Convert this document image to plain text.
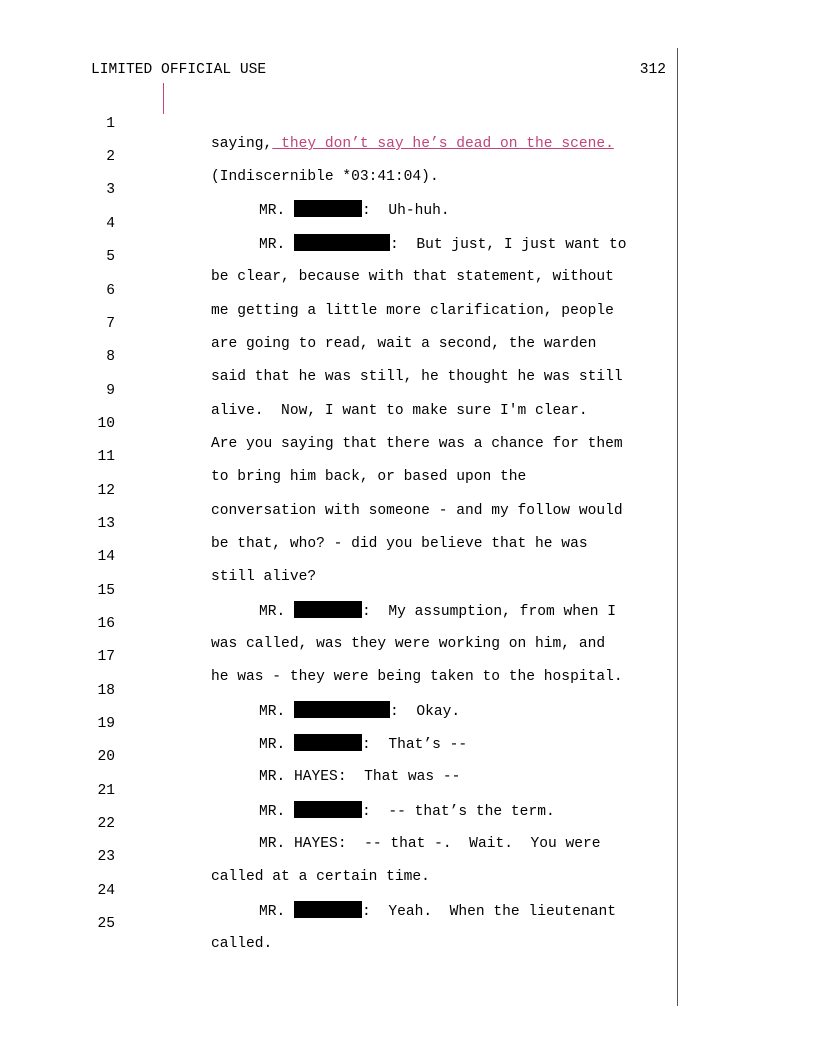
LIMITED OFFICIAL USE	312

1

saying, they don’t say he’s dead on the scene.

2

(Indiscernible *03:41:04).

3

MR.	:  Uh-huh.

4

MR.	:  But just, I just want to

5

be clear, because with that statement, without

6

me getting a little more clarification, people

7

are going to read, wait a second, the warden

8

said that he was still, he thought he was still

9

alive.  Now, I want to make sure I'm clear.

10

Are you saying that there was a chance for them

11

to bring him back, or based upon the

12

conversation with someone - and my follow would

13

be that, who? - did you believe that he was

14

still alive?

15

MR.	:  My assumption, from when I

16

was called, was they were working on him, and

17

he was - they were being taken to the hospital.

18

MR.	:  Okay.

19

MR.	:  That’s --

20

MR. HAYES:  That was --

21

MR.	:  -- that’s the term.

22

MR. HAYES:  -- that -.  Wait.  You were

23

called at a certain time.

24

MR.	:  Yeah.  When the lieutenant

25

called.
